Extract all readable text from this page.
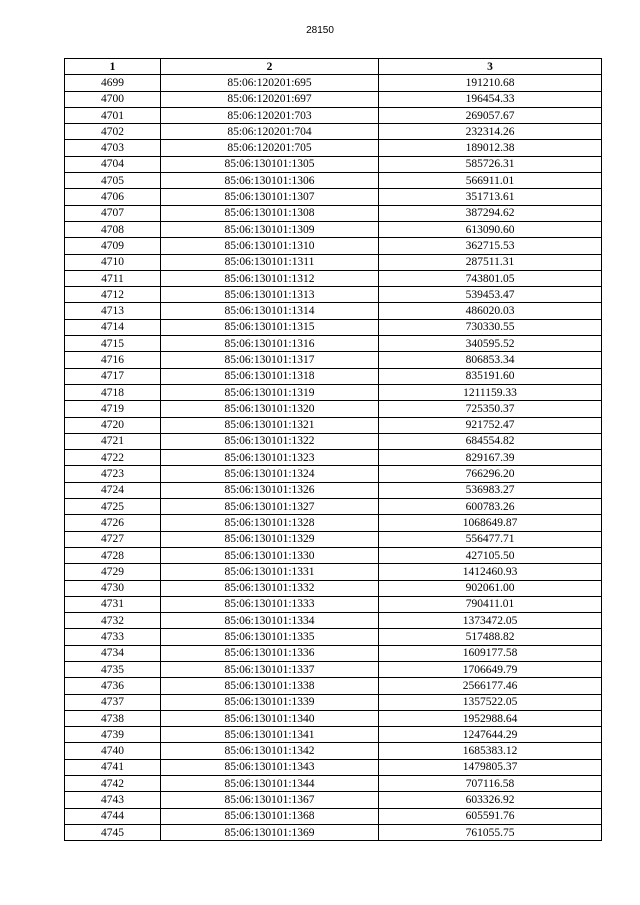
28150
1	2	3
4699	85:06:120201:695	191210.68
4700	85:06:120201:697	196454.33
4701	85:06:120201:703	269057.67
4702	85:06:120201:704	232314.26
4703	85:06:120201:705	189012.38
4704	85:06:130101:1305	585726.31
4705	85:06:130101:1306	566911.01
4706	85:06:130101:1307	351713.61
4707	85:06:130101:1308	387294.62
4708	85:06:130101:1309	613090.60
4709	85:06:130101:1310	362715.53
4710	85:06:130101:1311	287511.31
4711	85:06:130101:1312	743801.05
4712	85:06:130101:1313	539453.47
4713	85:06:130101:1314	486020.03
4714	85:06:130101:1315	730330.55
4715	85:06:130101:1316	340595.52
4716	85:06:130101:1317	806853.34
4717	85:06:130101:1318	835191.60
4718	85:06:130101:1319	1211159.33
4719	85:06:130101:1320	725350.37
4720	85:06:130101:1321	921752.47
4721	85:06:130101:1322	684554.82
4722	85:06:130101:1323	829167.39
4723	85:06:130101:1324	766296.20
4724	85:06:130101:1326	536983.27
4725	85:06:130101:1327	600783.26
4726	85:06:130101:1328	1068649.87
4727	85:06:130101:1329	556477.71
4728	85:06:130101:1330	427105.50
4729	85:06:130101:1331	1412460.93
4730	85:06:130101:1332	902061.00
4731	85:06:130101:1333	790411.01
4732	85:06:130101:1334	1373472.05
4733	85:06:130101:1335	517488.82
4734	85:06:130101:1336	1609177.58
4735	85:06:130101:1337	1706649.79
4736	85:06:130101:1338	2566177.46
4737	85:06:130101:1339	1357522.05
4738	85:06:130101:1340	1952988.64
4739	85:06:130101:1341	1247644.29
4740	85:06:130101:1342	1685383.12
4741	85:06:130101:1343	1479805.37
4742	85:06:130101:1344	707116.58
4743	85:06:130101:1367	603326.92
4744	85:06:130101:1368	605591.76
4745	85:06:130101:1369	761055.75
